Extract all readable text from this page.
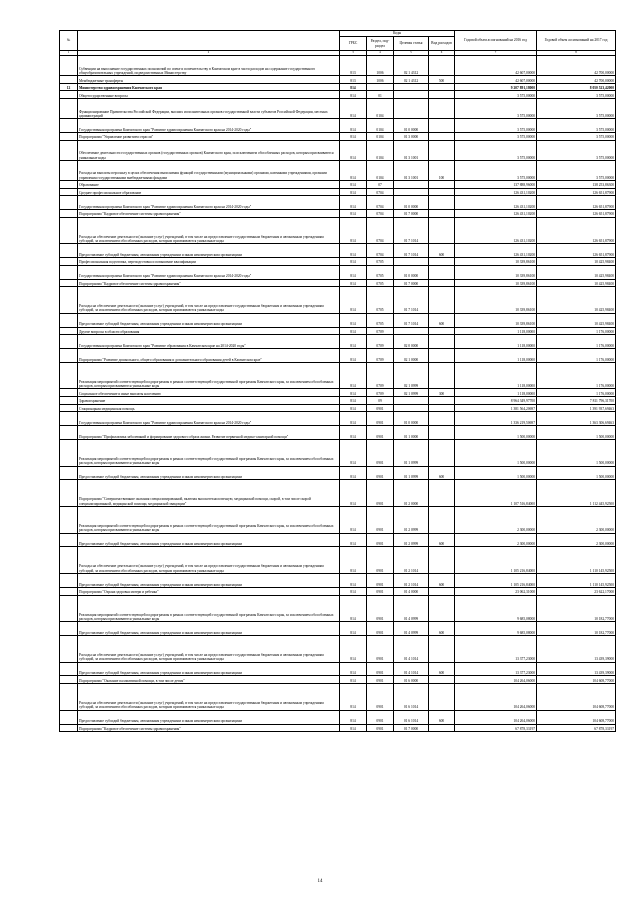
№		Коды				Годовой объем ассигнований на 2016 год	Годовой объем ассигнований на 2017 год
		ГРБС	Раздел, под-раздел	Целевая статья	Вид расходов		
1	2	3	4	5	6	7	8
	Субвенции на выполнение государственных полномочий по опеке и попечительству в Камчатском крае в части расходов на содержание государственного общеобразовательных учреждений, подведомственных Министерству	813	1006	02 1 4312		42 607,00000	42 700,00000
	Межбюджетные трансферты	813	1006	02 1 4312	500	42 607,00000	42 700,00000
12	Министерство здравоохранения Камчатского края	814				9 207 891,18000	8 050 523,42000
	Общегосударственные вопросы	814	01			3 575,00000	3 575,00000
	Функционирование Правительства Российской Федерации, высших исполнительных органов государственной власти субъектов Российской Федерации, местных администраций	814	0104			3 575,00000	3 575,00000
	Государственная программа Камчатского края "Развитие здравоохранения Камчатского края на 2014-2020 годы"	814	0104	01 0 0000		3 575,00000	3 575,00000
	Подпрограмма "Управление развитием отрасли"	814	0104	01 3 0000		3 575,00000	3 575,00000
	Обеспечение деятельности государственных органов (государственных органов) Камчатского края, за исключением обособленных расходов, которым присваиваются уникальные коды	814	0104	01 3 1001		3 575,00000	3 575,00000
	Расходы на выплаты персоналу в целях обеспечения выполнения функций государственными (муниципальными) органами, казенными учреждениями, органами управления государственными внебюджетными фондами	814	0104	01 3 1001	100	3 575,00000	3 575,00000
	Образование	814	07			137 888,96000	138 253,86300
	Среднее профессиональное образование	814	0704			126 431,10200	126 651,87900
	Государственная программа Камчатского края "Развитие здравоохранения Камчатского края на 2014-2020 годы"	814	0704	01 0 0000		126 431,10200	126 651,87900
	Подпрограмма "Кадровое обеспечение системы здравоохранения"	814	0704	01 7 0000		126 431,10200	126 651,87900
	Расходы на обеспечение деятельности (оказание услуг) учреждений, в том числе на предоставление государственным бюджетным и автономным учреждениям субсидий, за исключением обособленных расходов, которым присваиваются уникальные коды	814	0704	01 7 1014		126 431,10200	126 651,87900
	Предоставление субсидий бюджетным, автономным учреждениям и иным некоммерческим организациям	814	0704	01 7 1014	600	126 431,10200	126 651,87900
	Профессиональная подготовка, переподготовка и повышение квалификации	814	0705			10 339,86100	10 425,98400
	Государственная программа Камчатского края "Развитие здравоохранения Камчатского края на 2014-2020 годы"	814	0705	01 0 0000		10 339,86100	10 425,98400
	Подпрограмма "Кадровое обеспечение системы здравоохранения"	814	0705	01 7 0000		10 339,86100	10 425,98400
	Расходы на обеспечение деятельности (оказание услуг) учреждений, в том числе на предоставление государственным бюджетным и автономным учреждениям субсидий, за исключением обособленных расходов, которым присваиваются уникальные коды	814	0705	01 7 1014		10 339,86100	10 425,98400
	Предоставление субсидий бюджетным, автономным учреждениям и иным некоммерческим организациям	814	0705	01 7 1014	600	10 339,86100	10 425,98400
	Другие вопросы в области образования	814	0709			1 118,00000	1 176,00000
	Государственная программа Камчатского края "Развитие образования в Камчатском крае на 2014-2020 годы"	814	0709	02 0 0000		1 118,00000	1 176,00000
	Подпрограмма "Развитие дошкольного, общего образования и дополнительного образования детей в Камчатском крае"	814	0709	02 1 0000		1 118,00000	1 176,00000
	Реализация мероприятий соответствующей подпрограммы в рамках соответствующей государственной программы Камчатского края, за исключением обособленных расходов, которым присваиваются уникальные коды	814	0709	02 1 0999		1 118,00000	1 176,00000
	Социальное обеспечение и иные выплаты населению	814	0709	02 1 0999	300	1 118,00000	1 176,00000
	Здравоохранение	814	09			8 964 349,97700	7 811 796,31700
	Стационарная медицинская помощь	814	0901			1 381 564,20697	1 391 937,69463
	Государственная программа Камчатского края "Развитие здравоохранения Камчатского края на 2014-2020 годы"	814	0901	01 0 0000		1 336 219,50697	1 363 306,69463
	Подпрограмма "Профилактика заболеваний и формирование здорового образа жизни. Развитие первичной медико-санитарной помощи"	814	0901	01 1 0000		1 500,00000	1 500,00000
	Реализация мероприятий соответствующей подпрограммы в рамках соответствующей государственной программы Камчатского края, за исключением обособленных расходов, которым присваиваются уникальные коды	814	0901	01 1 0999		1 500,00000	1 500,00000
	Предоставление субсидий бюджетным, автономным учреждениям и иным некоммерческим организациям	814	0901	01 1 0999	600	1 500,00000	1 500,00000
	Подпрограмма "Совершенствование оказания специализированной, включая высокотехнологичную, медицинской помощи, скорой, в том числе скорой специализированной, медицинской помощи, медицинской эвакуации"	814	0901	01 2 0000		1 107 516,84000	1 112 445,92500
	Реализация мероприятий соответствующей подпрограммы в рамках соответствующей государственной программы Камчатского края, за исключением обособленных расходов, которым присваиваются уникальные коды	814	0901	01 2 0999		2 300,00000	2 300,00000
	Предоставление субсидий бюджетным, автономным учреждениям и иным некоммерческим организациям	814	0901	01 2 0999	600	2 300,00000	2 300,00000
	Расходы на обеспечение деятельности (оказание услуг) учреждений, в том числе на предоставление государственным бюджетным и автономным учреждениям субсидий, за исключением обособленных расходов, которым присваиваются уникальные коды	814	0901	01 2 1014		1 105 216,84000	1 110 145,92500
	Предоставление субсидий бюджетным, автономным учреждениям и иным некоммерческим организациям	814	0901	01 2 1014	600	1 105 216,84000	1 110 145,92500
	Подпрограмма "Охрана здоровья матери и ребенка"	814	0901	01 4 0000		23 062,31000	23 622,17000
	Реализация мероприятий соответствующей подпрограммы в рамках соответствующей государственной программы Камчатского края, за исключением обособленных расходов, которым присваиваются уникальные коды	814	0901	01 4 0999		9 685,08000	10 182,77000
	Предоставление субсидий бюджетным, автономным учреждениям и иным некоммерческим организациям	814	0901	01 4 0999	600	9 685,08000	10 182,77000
	Расходы на обеспечение деятельности (оказание услуг) учреждений, в том числе на предоставление государственным бюджетным и автономным учреждениям субсидий, за исключением обособленных расходов, которым присваиваются уникальные коды	814	0901	01 4 1014		13 377,23000	13 439,39000
	Предоставление субсидий бюджетным, автономным учреждениям и иным некоммерческим организациям	814	0901	01 4 1014	600	13 377,23000	13 439,39000
	Подпрограмма "Оказание паллиативной помощи, в том числе детям"	814	0901	01 6 0000		104 264,06000	104 608,77000
	Расходы на обеспечение деятельности (оказание услуг) учреждений, в том числе на предоставление государственным бюджетным и автономным учреждениям субсидий, за исключением обособленных расходов, которым присваиваются уникальные коды	814	0901	01 6 1014		104 264,06000	104 608,77000
	Предоставление субсидий бюджетным, автономным учреждениям и иным некоммерческим организациям	814	0901	01 6 1014	600	104 264,06000	104 608,77000
	Подпрограмма "Кадровое обеспечение системы здравоохранения"	814	0901	01 7 0000		67 878,33197	67 878,33197
14
